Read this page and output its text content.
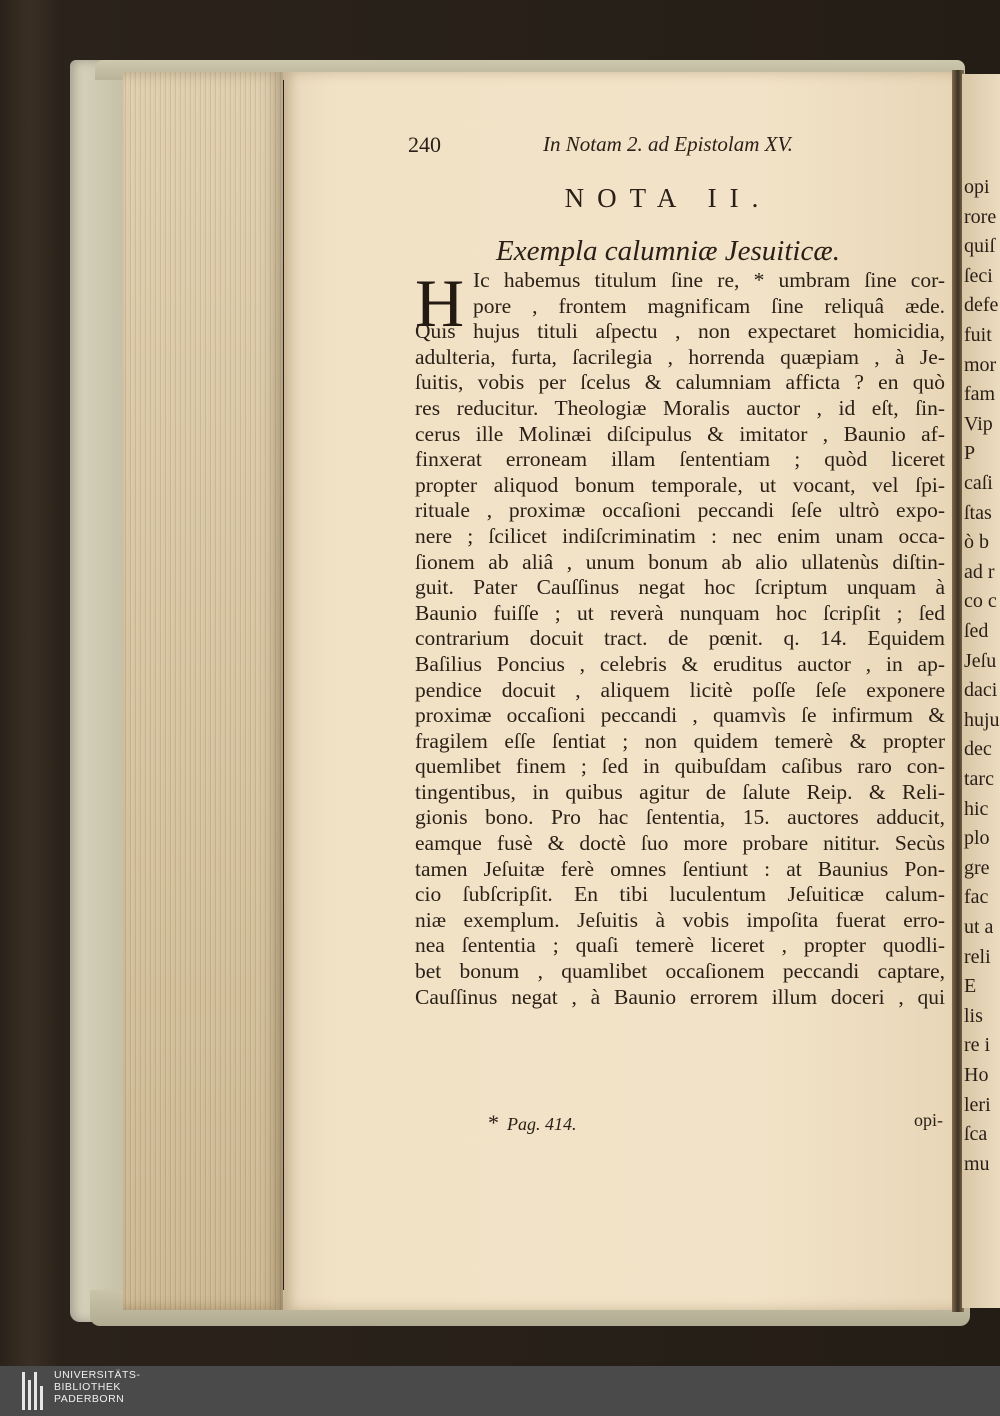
opi
rore
quiſ
ſeci
defe
fuit
mor
fam
Vip
P
caſi
ſtas
ò b
ad r
co c
ſed
Jeſu
daci
huju
dec
tarc
hic
plo
gre
fac
ut a
reli
E
lis
re i
Ho
leri
ſca
mu
240	In Notam 2. ad Epistolam XV.
NOTA II.
Exempla calumniæ Jesuiticæ.
H Ic habemus titulum ſine re, * umbram ſine cor-
pore , frontem magnificam ſine reliquâ æde.
Quis hujus tituli aſpectu , non expectaret homicidia,
adulteria, furta, ſacrilegia , horrenda quæpiam , à Je-
ſuitis, vobis per ſcelus & calumniam afficta ? en quò
res reducitur. Theologiæ Moralis auctor , id eſt, ſin-
cerus ille Molinæi diſcipulus & imitator , Baunio af-
finxerat erroneam illam ſententiam ; quòd liceret
propter aliquod bonum temporale, ut vocant, vel ſpi-
rituale , proximæ occaſioni peccandi ſeſe ultrò expo-
nere ; ſcilicet indiſcriminatim : nec enim unam occa-
ſionem ab aliâ , unum bonum ab alio ullatenùs diſtin-
guit. Pater Cauſſinus negat hoc ſcriptum unquam à
Baunio fuiſſe ; ut reverà nunquam hoc ſcripſit ; ſed
contrarium docuit tract. de pœnit. q. 14. Equidem
Baſilius Poncius , celebris & eruditus auctor , in ap-
pendice docuit , aliquem licitè poſſe ſeſe exponere
proximæ occaſioni peccandi , quamvìs ſe infirmum &
fragilem eſſe ſentiat ; non quidem temerè & propter
quemlibet finem ; ſed in quibuſdam caſibus raro con-
tingentibus, in quibus agitur de ſalute Reip. & Reli-
gionis bono. Pro hac ſententia, 15. auctores adducit,
eamque fusè & doctè ſuo more probare nititur. Secùs
tamen Jeſuitæ ferè omnes ſentiunt : at Baunius Pon-
cio ſubſcripſit. En tibi luculentum Jeſuiticæ calum-
niæ exemplum. Jeſuitis à vobis impoſita fuerat erro-
nea ſententia ; quaſi temerè liceret , propter quodli-
bet bonum , quamlibet occaſionem peccandi captare,
Cauſſinus negat , à Baunio errorem illum doceri , qui
* Pag. 414.	opi-
UNIVERSITÄTS-
BIBLIOTHEK
PADERBORN
